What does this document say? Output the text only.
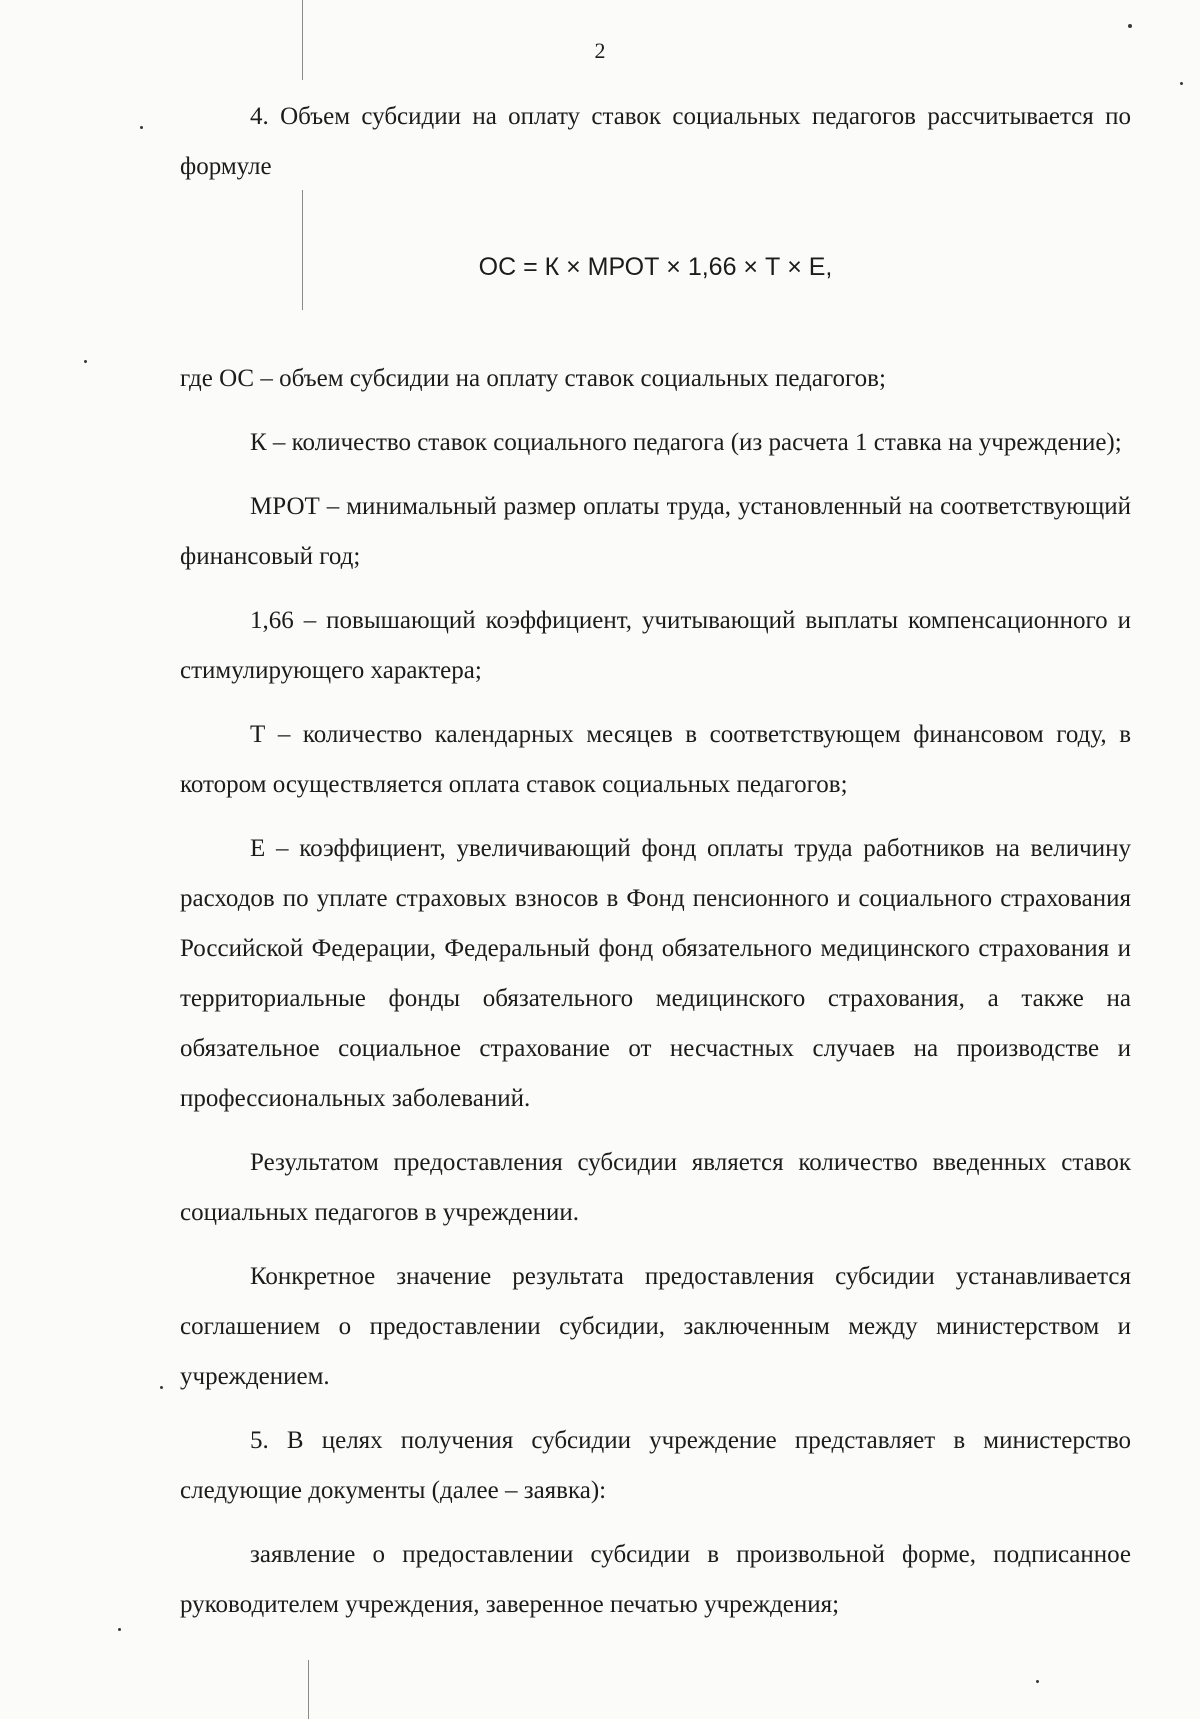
2

4. Объем субсидии на оплату ставок социальных педагогов рассчитывается по формуле

ОС = К × МРОТ × 1,66 × Т × Е,

где ОС – объем субсидии на оплату ставок социальных педагогов;

К – количество ставок социального педагога (из расчета 1 ставка на учреждение);

МРОТ – минимальный размер оплаты труда, установленный на соответствующий финансовый год;

1,66 – повышающий коэффициент, учитывающий выплаты компенсационного и стимулирующего характера;

Т – количество календарных месяцев в соответствующем финансовом году, в котором осуществляется оплата ставок социальных педагогов;

Е – коэффициент, увеличивающий фонд оплаты труда работников на величину расходов по уплате страховых взносов в Фонд пенсионного и социального страхования Российской Федерации, Федеральный фонд обязательного медицинского страхования и территориальные фонды обязательного медицинского страхования, а также на обязательное социальное страхование от несчастных случаев на производстве и профессиональных заболеваний.

Результатом предоставления субсидии является количество введенных ставок социальных педагогов в учреждении.

Конкретное значение результата предоставления субсидии устанавливается соглашением о предоставлении субсидии, заключенным между министерством и учреждением.

5. В целях получения субсидии учреждение представляет в министерство следующие документы (далее – заявка):

заявление о предоставлении субсидии в произвольной форме, подписанное руководителем учреждения, заверенное печатью учреждения;
